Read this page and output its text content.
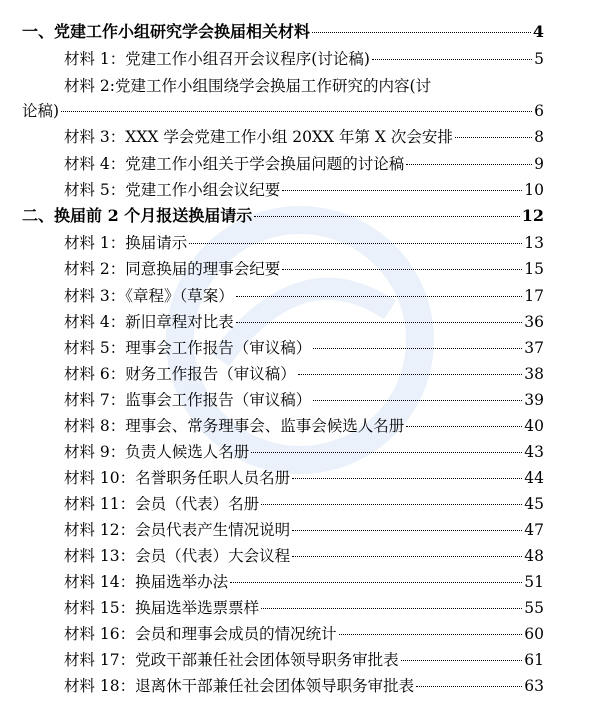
一、党建工作小组研究学会换届相关材料	4
材料 1：党建工作小组召开会议程序(讨论稿)	5
材料 2:党建工作小组围绕学会换届工作研究的内容(讨
论稿)	6
材料 3：XXX 学会党建工作小组 20XX 年第 X 次会安排	8
材料 4：党建工作小组关于学会换届问题的讨论稿	9
材料 5：党建工作小组会议纪要	10
二、换届前 2 个月报送换届请示	12
材料 1：换届请示	13
材料 2：同意换届的理事会纪要	15
材料 3：《章程》（草案）	17
材料 4：新旧章程对比表	36
材料 5：理事会工作报告（审议稿）	37
材料 6：财务工作报告（审议稿）	38
材料 7：监事会工作报告（审议稿）	39
材料 8：理事会、常务理事会、监事会候选人名册	40
材料 9：负责人候选人名册	43
材料 10：名誉职务任职人员名册	44
材料 11：会员（代表）名册	45
材料 12：会员代表产生情况说明	47
材料 13：会员（代表）大会议程	48
材料 14：换届选举办法	51
材料 15：换届选举选票票样	55
材料 16：会员和理事会成员的情况统计	60
材料 17：党政干部兼任社会团体领导职务审批表	61
材料 18：退离休干部兼任社会团体领导职务审批表	63
